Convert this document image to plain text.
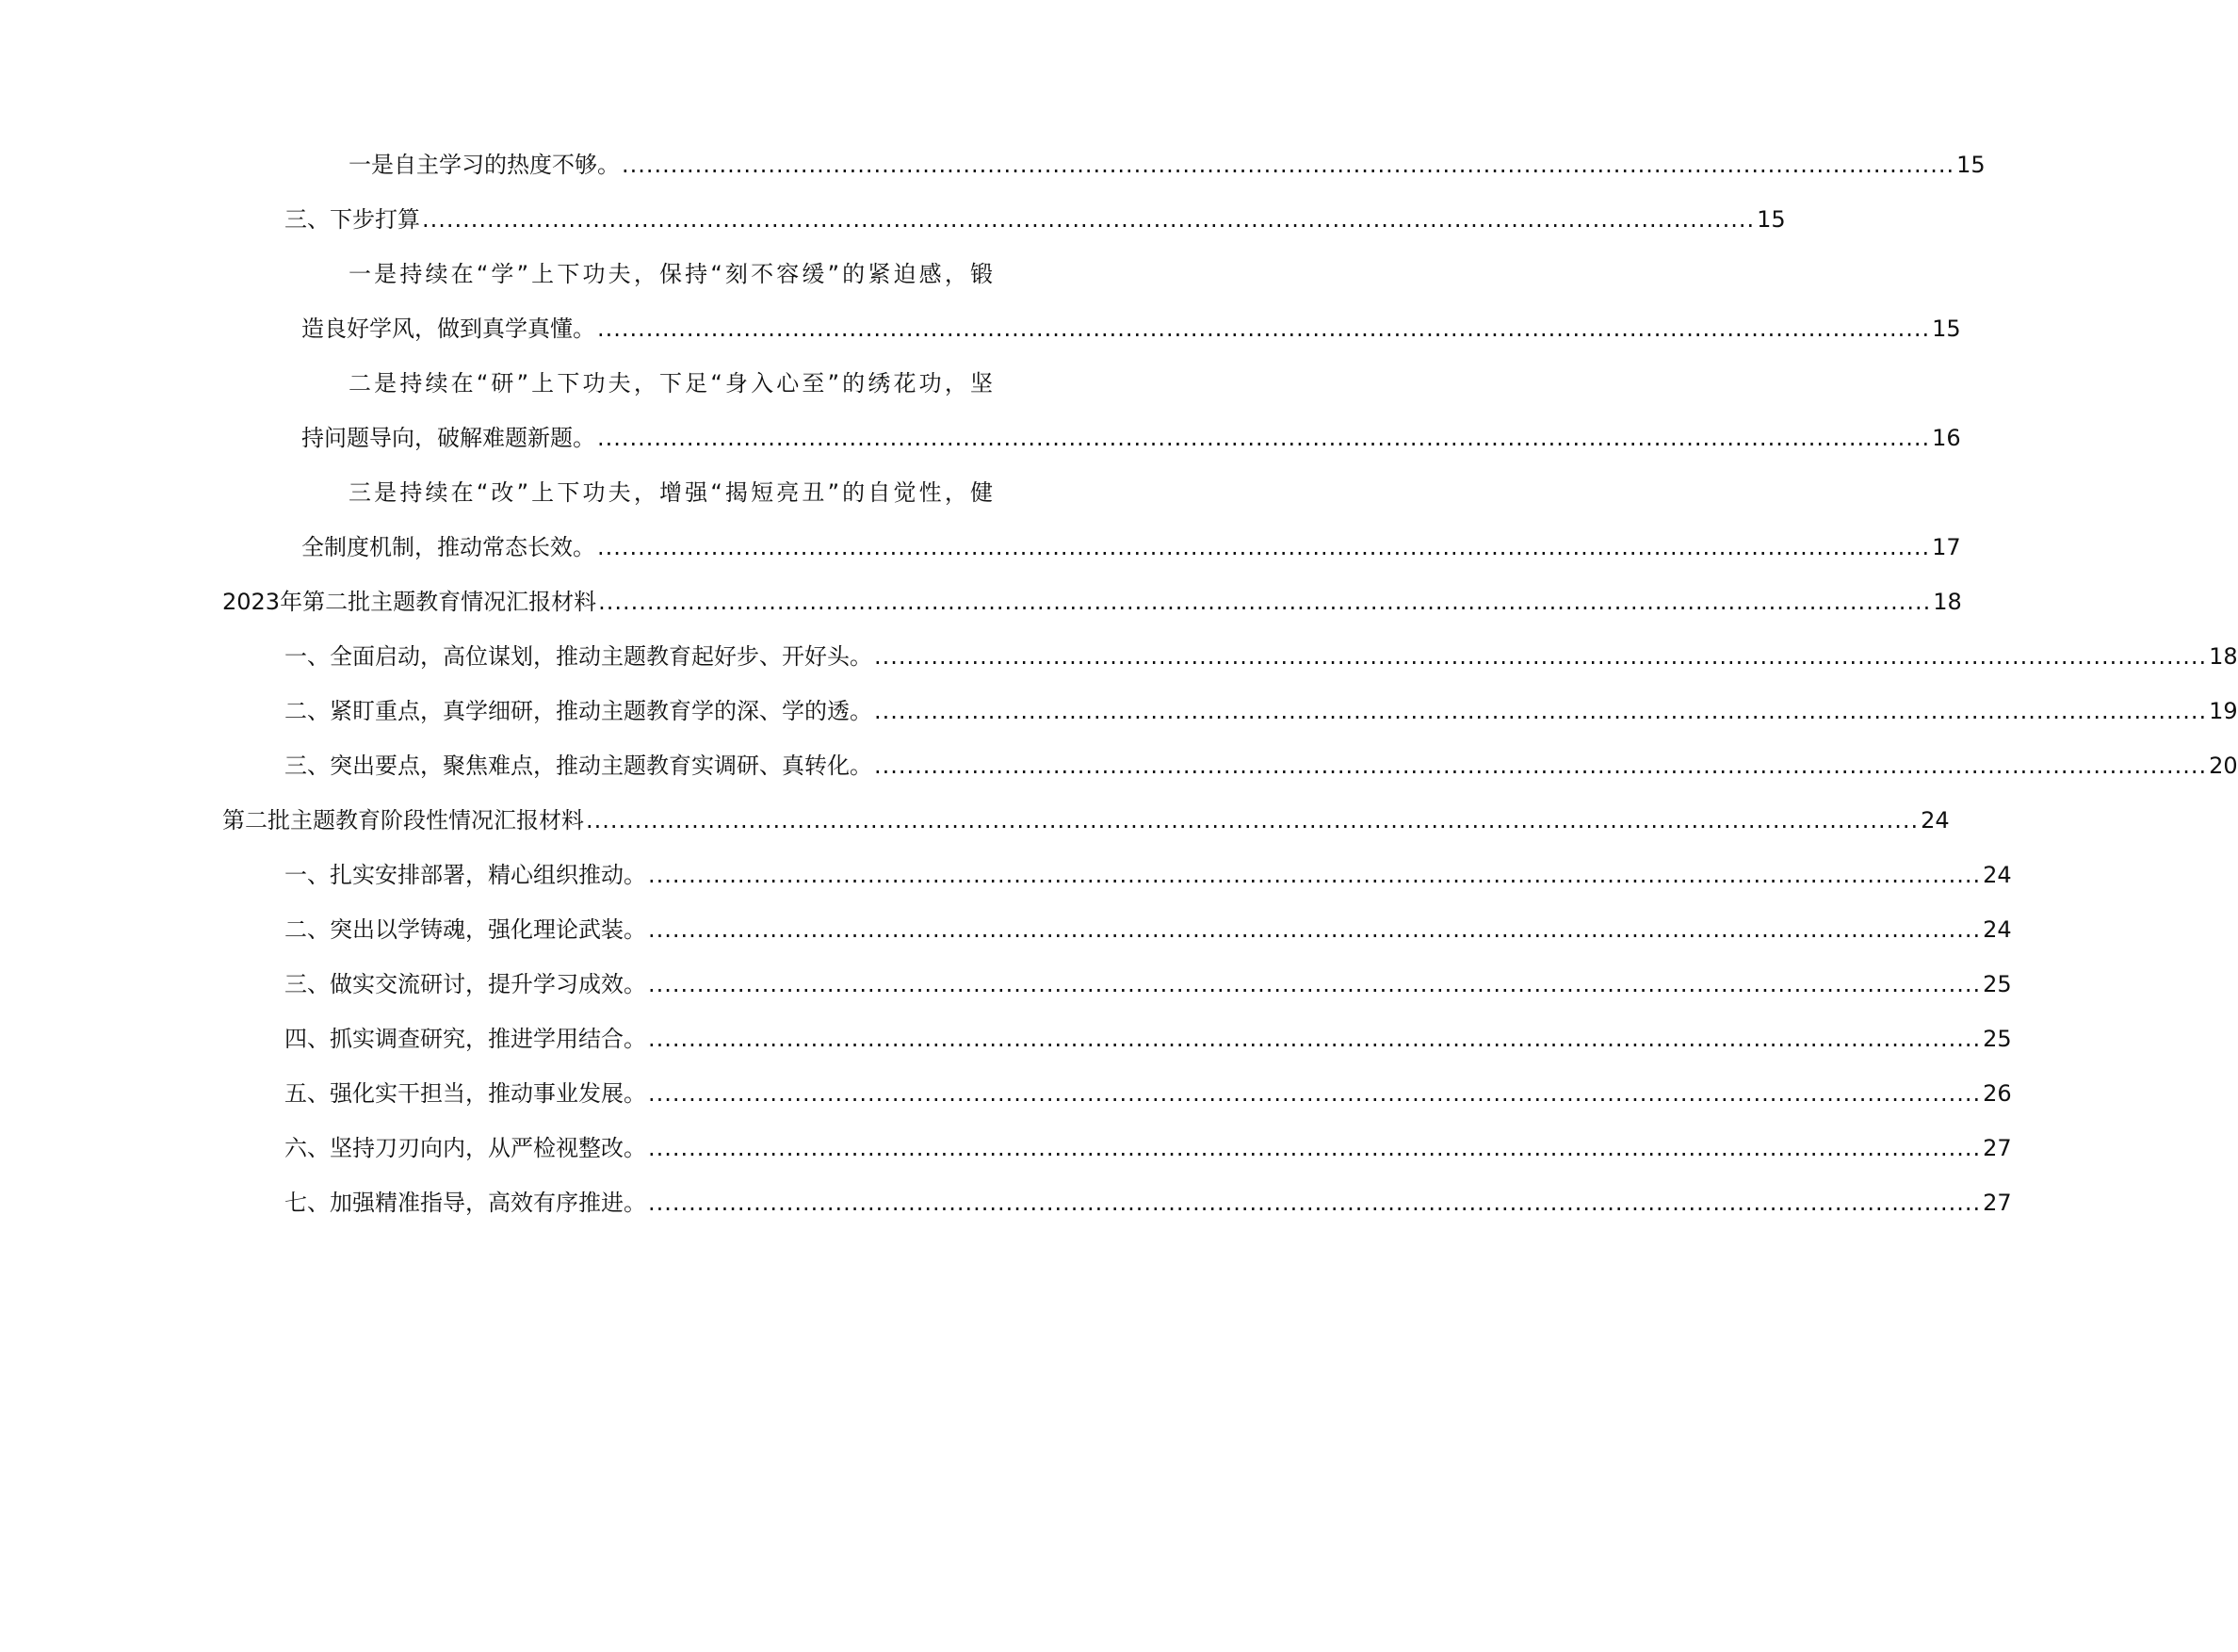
一是自主学习的热度不够。 .................................................................................................................................................................... 15
三、下步打算 .................................................................................................................................................................... 15
一是持续在“学”上下功夫，保持“刻不容缓”的紧迫感，锻
造良好学风，做到真学真懂。 .................................................................................................................................................................... 15
二是持续在“研”上下功夫，下足“身入心至”的绣花功，坚
持问题导向，破解难题新题。 .................................................................................................................................................................... 16
三是持续在“改”上下功夫，增强“揭短亮丑”的自觉性，健
全制度机制，推动常态长效。 .................................................................................................................................................................... 17
2023年第二批主题教育情况汇报材料 .................................................................................................................................................................... 18
一、全面启动，高位谋划，推动主题教育起好步、开好头。 .................................................................................................................................................................... 18
二、紧盯重点，真学细研，推动主题教育学的深、学的透。 .................................................................................................................................................................... 19
三、突出要点，聚焦难点，推动主题教育实调研、真转化。 .................................................................................................................................................................... 20
第二批主题教育阶段性情况汇报材料 .................................................................................................................................................................... 24
一、扎实安排部署，精心组织推动。 .................................................................................................................................................................... 24
二、突出以学铸魂，强化理论武装。 .................................................................................................................................................................... 24
三、做实交流研讨，提升学习成效。 .................................................................................................................................................................... 25
四、抓实调查研究，推进学用结合。 .................................................................................................................................................................... 25
五、强化实干担当，推动事业发展。 .................................................................................................................................................................... 26
六、坚持刀刃向内，从严检视整改。 .................................................................................................................................................................... 27
七、加强精准指导，高效有序推进。 .................................................................................................................................................................... 27
